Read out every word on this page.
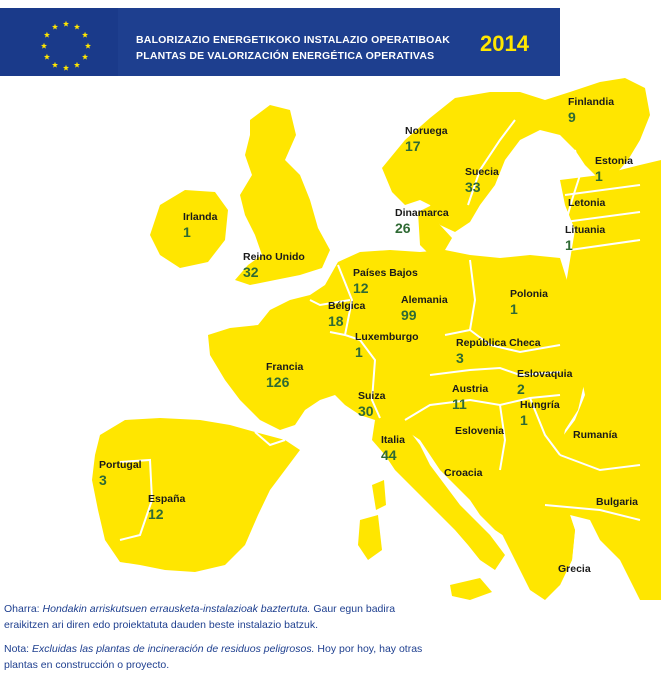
BALORIZAZIO ENERGETIKOKO INSTALAZIO OPERATIBOAK
PLANTAS DE VALORIZACIÓN ENERGÉTICA OPERATIVAS	2014
Finlandia
9
Noruega
17
Suecia
33
Estonia
1
Letonia
Lituania
1
Dinamarca
26
Irlanda
1
Reino Unido
32	Países Bajos
12
Bélgica
18
Alemania
99
Polonia
1
Luxemburgo
1
República Checa
3
Eslovaquia
2
Francia
126	Austria
11	Hungría
1
Suiza
30
Eslovenia	Rumanía
Italia
44
Croacia
Bulgaria
Portugal
3
España
12
Grecia

Oharra: Hondakin arriskutsuen errausketa-instalazioak baztertuta. Gaur egun badira eraikitzen ari diren edo proiektatuta dauden beste instalazio batzuk.

Nota: Excluidas las plantas de incineración de residuos peligrosos. Hoy por hoy, hay otras plantas en construcción o proyecto.
